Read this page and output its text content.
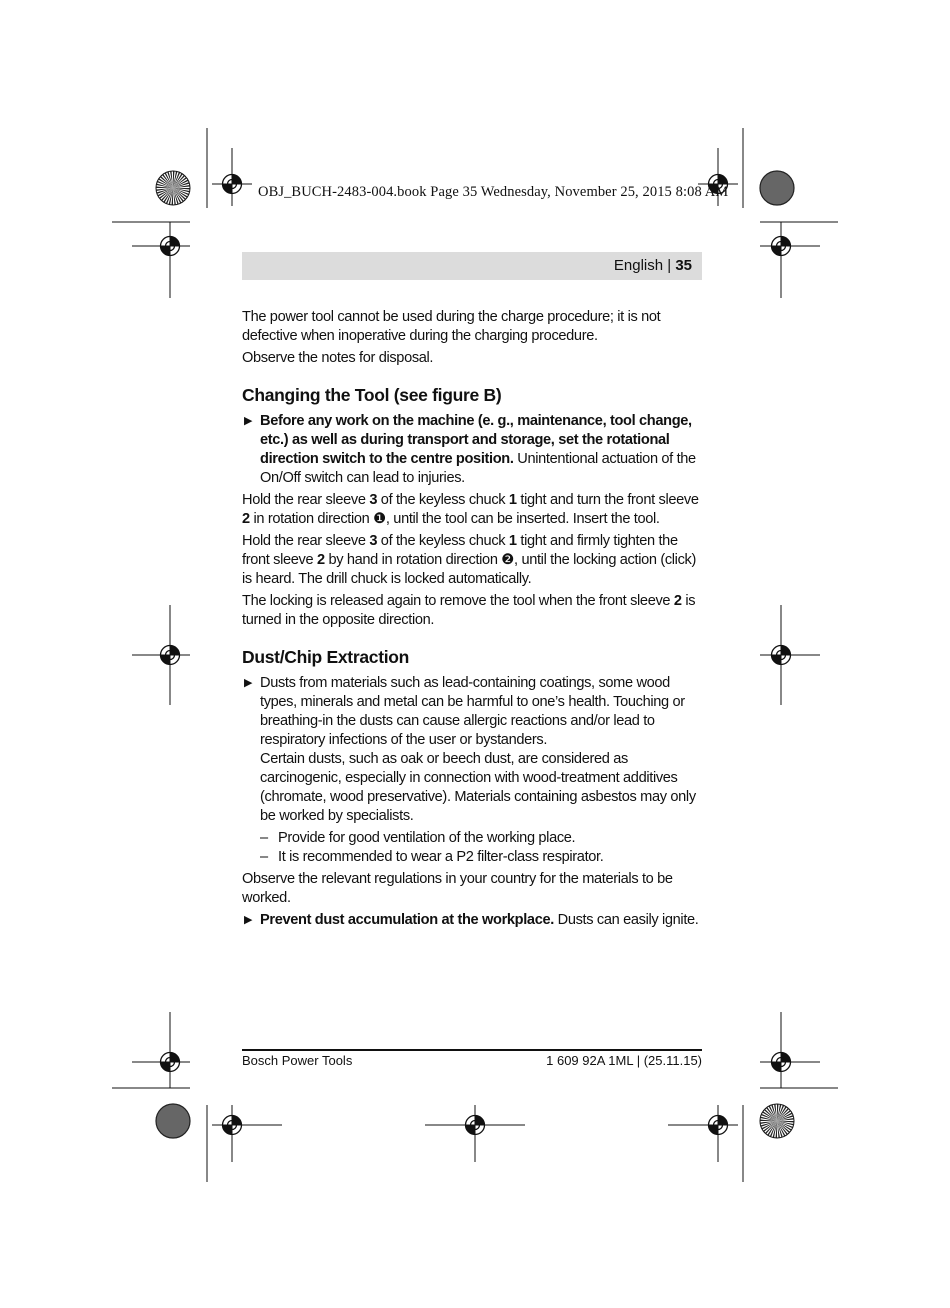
OBJ_BUCH-2483-004.book Page 35 Wednesday, November 25, 2015 8:08 AM
English | 35

The power tool cannot be used during the charge procedure; it is not defective when inoperative during the charging procedure.

Observe the notes for disposal.

Changing the Tool (see figure B)
▶ Before any work on the machine (e. g., maintenance, tool change, etc.) as well as during transport and storage, set the rotational direction switch to the centre position. Unintentional actuation of the On/Off switch can lead to injuries.

Hold the rear sleeve 3 of the keyless chuck 1 tight and turn the front sleeve 2 in rotation direction ❶, until the tool can be inserted. Insert the tool.

Hold the rear sleeve 3 of the keyless chuck 1 tight and firmly tighten the front sleeve 2 by hand in rotation direction ❷, until the locking action (click) is heard. The drill chuck is locked automatically.

The locking is released again to remove the tool when the front sleeve 2 is turned in the opposite direction.

Dust/Chip Extraction
▶ Dusts from materials such as lead-containing coatings, some wood types, minerals and metal can be harmful to one’s health. Touching or breathing-in the dusts can cause allergic reactions and/or lead to respiratory infections of the user or bystanders.
Certain dusts, such as oak or beech dust, are considered as carcinogenic, especially in connection with wood-treatment additives (chromate, wood preservative). Materials containing asbestos may only be worked by specialists.
– Provide for good ventilation of the working place.
– It is recommended to wear a P2 filter-class respirator.

Observe the relevant regulations in your country for the materials to be worked.

▶ Prevent dust accumulation at the workplace. Dusts can easily ignite.
Bosch Power Tools	1 609 92A 1ML | (25.11.15)
